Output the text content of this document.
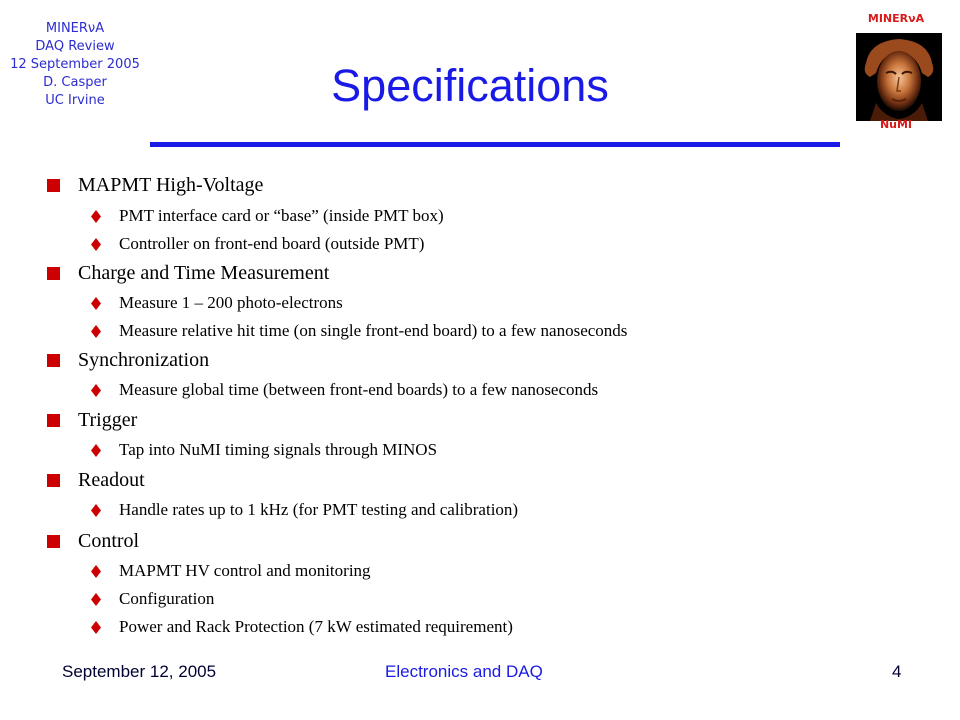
MINERνA
DAQ Review
12 September 2005
D. Casper
UC Irvine	Specifications
MINERνA
NuMI
MAPMT High-Voltage
PMT interface card or “base” (inside PMT box)
Controller on front-end board (outside PMT)
Charge and Time Measurement
Measure 1 – 200 photo-electrons
Measure relative hit time (on single front-end board) to a few nanoseconds
Synchronization
Measure global time (between front-end boards) to a few nanoseconds
Trigger
Tap into NuMI timing signals through MINOS
Readout
Handle rates up to 1 kHz (for PMT testing and calibration)
Control
MAPMT HV control and monitoring
Configuration
Power and Rack Protection (7 kW estimated requirement)
September 12, 2005	Electronics and DAQ	4
